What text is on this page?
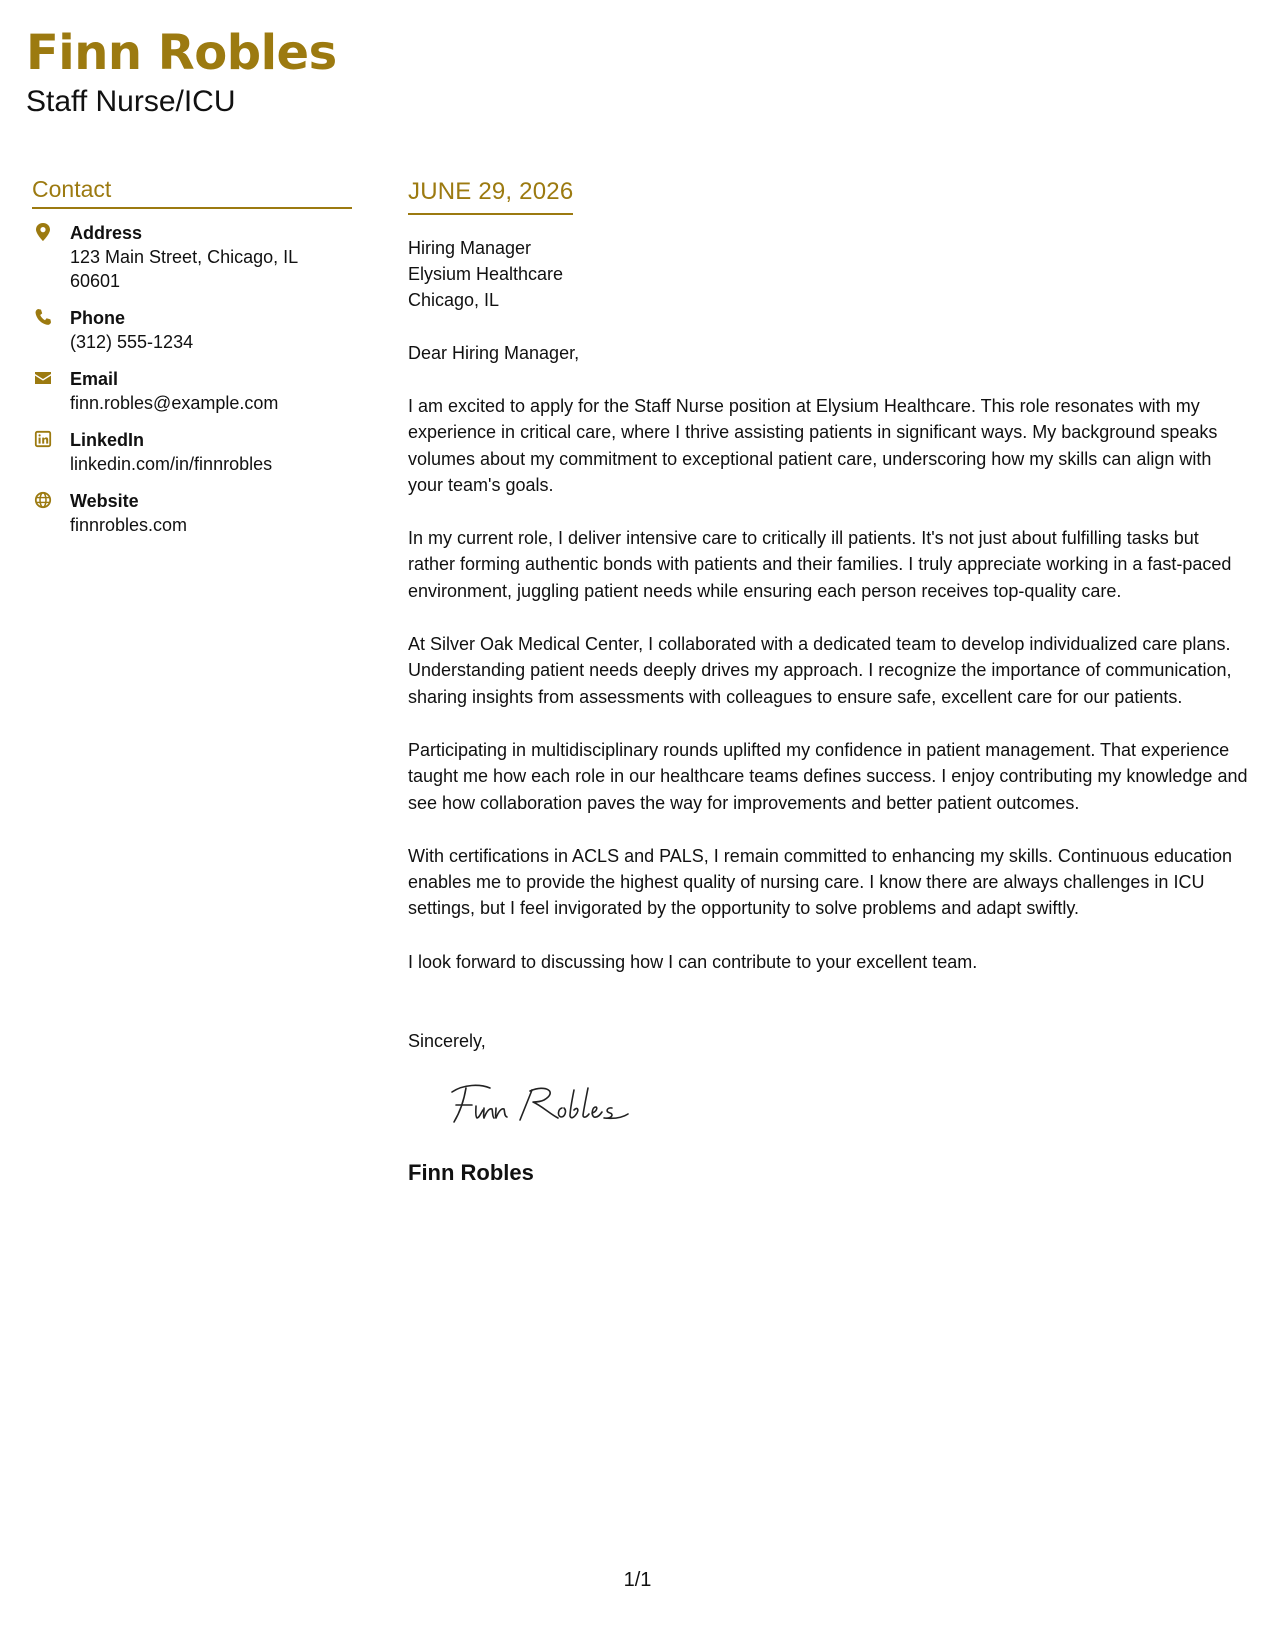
Finn Robles
Staff Nurse/ICU
Contact
Address
123 Main Street, Chicago, IL 60601
Phone
(312) 555-1234
Email
finn.robles@example.com
LinkedIn
linkedin.com/in/finnrobles
Website
finnrobles.com
JUNE 29, 2026
Hiring Manager
Elysium Healthcare
Chicago, IL
Dear Hiring Manager,
I am excited to apply for the Staff Nurse position at Elysium Healthcare. This role resonates with my experience in critical care, where I thrive assisting patients in significant ways. My background speaks volumes about my commitment to exceptional patient care, underscoring how my skills can align with your team's goals.
In my current role, I deliver intensive care to critically ill patients. It's not just about fulfilling tasks but rather forming authentic bonds with patients and their families. I truly appreciate working in a fast-paced environment, juggling patient needs while ensuring each person receives top-quality care.
At Silver Oak Medical Center, I collaborated with a dedicated team to develop individualized care plans. Understanding patient needs deeply drives my approach. I recognize the importance of communication, sharing insights from assessments with colleagues to ensure safe, excellent care for our patients.
Participating in multidisciplinary rounds uplifted my confidence in patient management. That experience taught me how each role in our healthcare teams defines success. I enjoy contributing my knowledge and see how collaboration paves the way for improvements and better patient outcomes.
With certifications in ACLS and PALS, I remain committed to enhancing my skills. Continuous education enables me to provide the highest quality of nursing care. I know there are always challenges in ICU settings, but I feel invigorated by the opportunity to solve problems and adapt swiftly.
I look forward to discussing how I can contribute to your excellent team.
Sincerely,
Finn Robles
1/1
